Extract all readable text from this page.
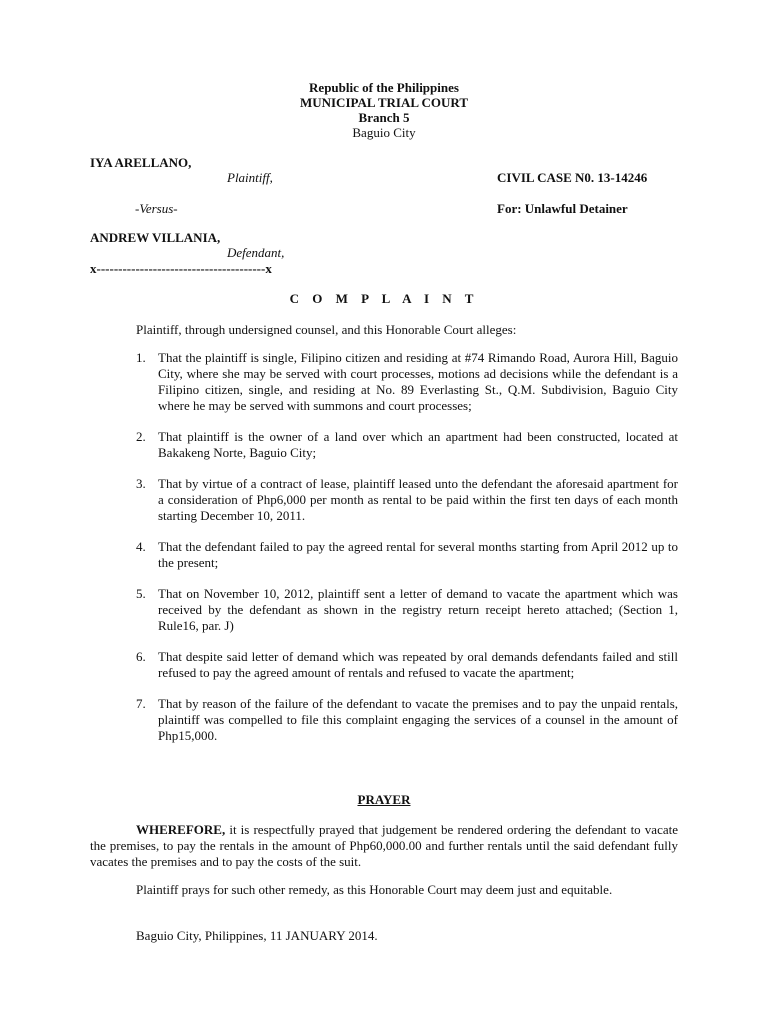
Republic of the Philippines
MUNICIPAL TRIAL COURT
Branch 5
Baguio City
IYA ARELLANO,
Plaintiff,	CIVIL CASE N0. 13-14246
-Versus-	For: Unlawful Detainer
ANDREW VILLANIA,
Defendant,
x---------------------------------------x
C O M P L A I N T
Plaintiff, through undersigned counsel, and this Honorable Court alleges:
1. That the plaintiff is single, Filipino citizen and residing at #74 Rimando Road, Aurora Hill, Baguio City, where she may be served with court processes, motions ad decisions while the defendant is a Filipino citizen, single, and residing at No. 89 Everlasting St., Q.M. Subdivision, Baguio City where he may be served with summons and court processes;
2. That plaintiff is the owner of a land over which an apartment had been constructed, located at Bakakeng Norte, Baguio City;
3. That by virtue of a contract of lease, plaintiff leased unto the defendant the aforesaid apartment for a consideration of Php6,000 per month as rental to be paid within the first ten days of each month starting December 10, 2011.
4. That the defendant failed to pay the agreed rental for several months starting from April 2012 up to the present;
5. That on November 10, 2012, plaintiff sent a letter of demand to vacate the apartment which was received by the defendant as shown in the registry return receipt hereto attached; (Section 1, Rule16, par. J)
6. That despite said letter of demand which was repeated by oral demands defendants failed and still refused to pay the agreed amount of rentals and refused to vacate the apartment;
7. That by reason of the failure of the defendant to vacate the premises and to pay the unpaid rentals, plaintiff was compelled to file this complaint engaging the services of a counsel in the amount of Php15,000.
PRAYER
WHEREFORE, it is respectfully prayed that judgement be rendered ordering the defendant to vacate the premises, to pay the rentals in the amount of Php60,000.00 and further rentals until the said defendant fully vacates the premises and to pay the costs of the suit.
Plaintiff prays for such other remedy, as this Honorable Court may deem just and equitable.
Baguio City, Philippines, 11 JANUARY 2014.
